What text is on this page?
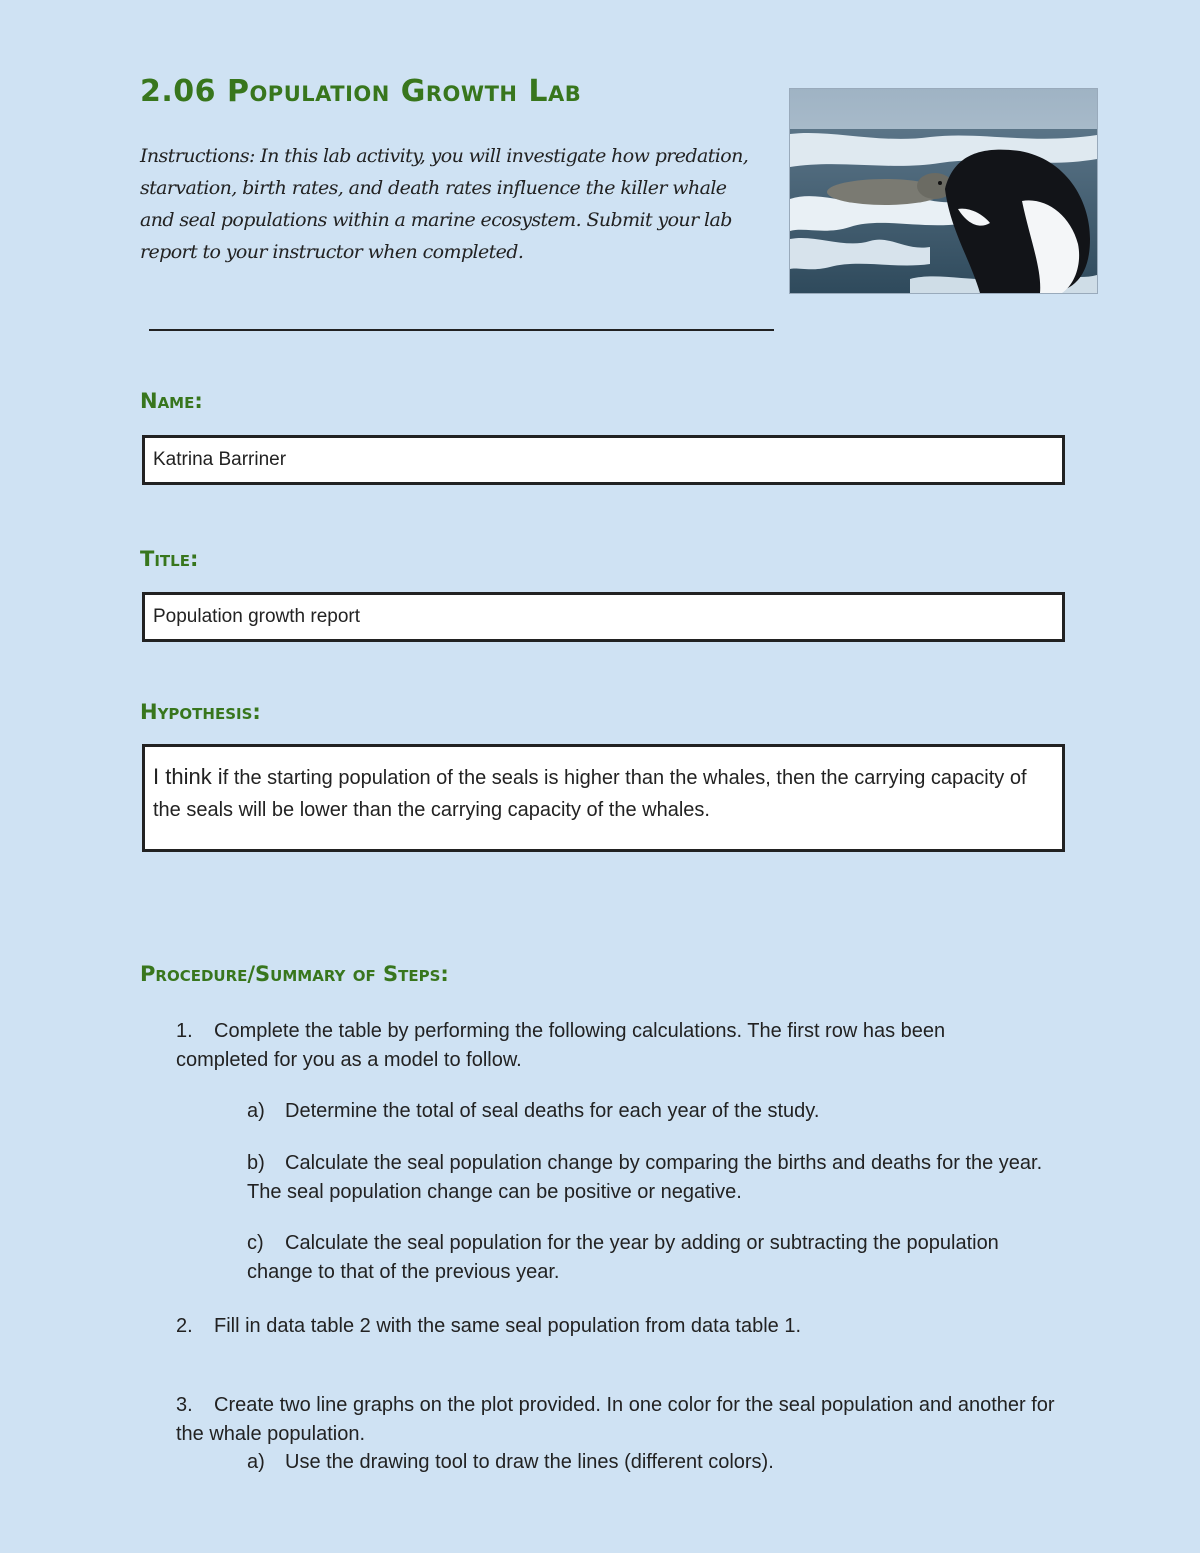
2.06 Population Growth Lab

Instructions: In this lab activity, you will investigate how predation, starvation, birth rates, and death rates influence the killer whale and seal populations within a marine ecosystem. Submit your lab report to your instructor when completed.

Name:
Katrina Barriner
Title:
Population growth report
Hypothesis:
I think if the starting population of the seals is higher than the whales, then the carrying capacity of the seals will be lower than the carrying capacity of the whales.
Procedure/Summary of Steps:

1. Complete the table by performing the following calculations. The first row has been completed for you as a model to follow.

a) Determine the total of seal deaths for each year of the study.

b) Calculate the seal population change by comparing the births and deaths for the year. The seal population change can be positive or negative.

c) Calculate the seal population for the year by adding or subtracting the population change to that of the previous year.

2. Fill in data table 2 with the same seal population from data table 1.

3. Create two line graphs on the plot provided. In one color for the seal population and another for the whale population.

a) Use the drawing tool to draw the lines (different colors).
